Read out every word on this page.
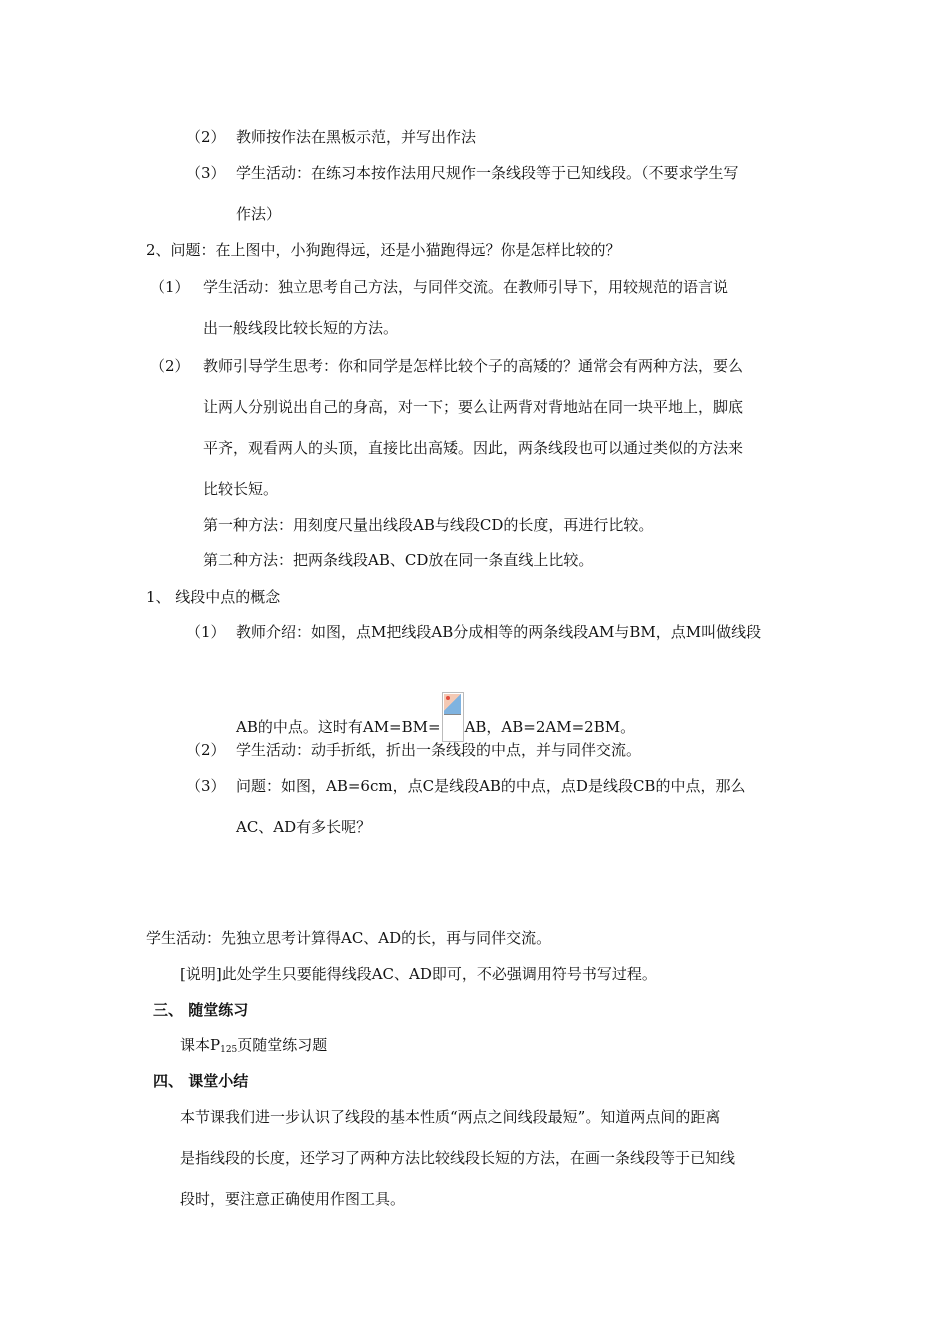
（2） 教师按作法在黑板示范，并写出作法
（3） 学生活动：在练习本按作法用尺规作一条线段等于已知线段。（不要求学生写
作法）
2、问题：在上图中，小狗跑得远，还是小猫跑得远？你是怎样比较的？
（1） 学生活动：独立思考自己方法，与同伴交流。在教师引导下，用较规范的语言说
出一般线段比较长短的方法。
（2） 教师引导学生思考：你和同学是怎样比较个子的高矮的？通常会有两种方法，要么
让两人分别说出自己的身高，对一下；要么让两背对背地站在同一块平地上，脚底
平齐，观看两人的头顶，直接比出高矮。因此，两条线段也可以通过类似的方法来
比较长短。
第一种方法：用刻度尺量出线段AB与线段CD的长度，再进行比较。
第二种方法：把两条线段AB、CD放在同一条直线上比较。
1、 线段中点的概念
（1） 教师介绍：如图，点M把线段AB分成相等的两条线段AM与BM，点M叫做线段
AB的中点。这时有AM=BM= AB，AB=2AM=2BM。
（2） 学生活动：动手折纸，折出一条线段的中点，并与同伴交流。
（3） 问题：如图，AB=6cm，点C是线段AB的中点，点D是线段CB的中点，那么
AC、AD有多长呢？
学生活动：先独立思考计算得AC、AD的长，再与同伴交流。
[说明]此处学生只要能得线段AC、AD即可，不必强调用符号书写过程。
三、 随堂练习
课本$P_{125}$页随堂练习题
四、 课堂小结
本节课我们进一步认识了线段的基本性质“两点之间线段最短”。知道两点间的距离
是指线段的长度，还学习了两种方法比较线段长短的方法，在画一条线段等于已知线
段时，要注意正确使用作图工具。
